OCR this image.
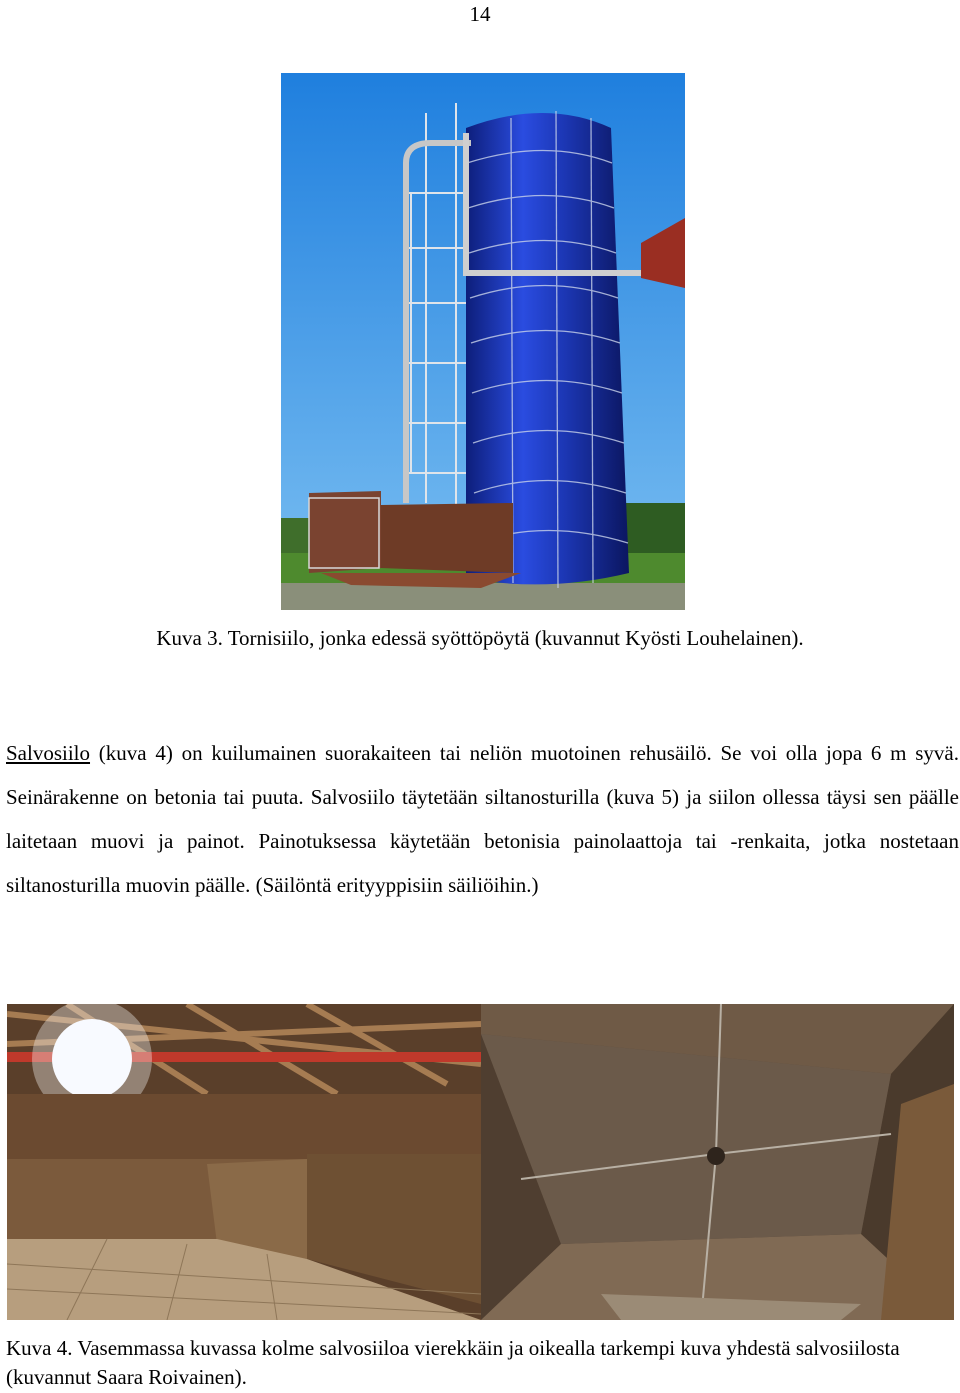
14
Kuva 3. Tornisiilo, jonka edessä syöttöpöytä (kuvannut Kyösti Louhelainen).

Salvosiilo (kuva 4) on kuilumainen suorakaiteen tai neliön muotoinen rehusäilö. Se voi olla jopa 6 m syvä. Seinärakenne on betonia tai puuta. Salvosiilo täytetään siltanosturilla (kuva 5) ja siilon ollessa täysi sen päälle laitetaan muovi ja painot. Painotuksessa käytetään betonisia painolaattoja tai -renkaita, jotka nostetaan siltanosturilla muovin päälle. (Säilöntä erityyppisiin säiliöihin.)

Kuva 4. Vasemmassa kuvassa kolme salvosiiloa vierekkäin ja oikealla tarkempi kuva yhdestä salvosiilosta (kuvannut Saara Roivainen).
